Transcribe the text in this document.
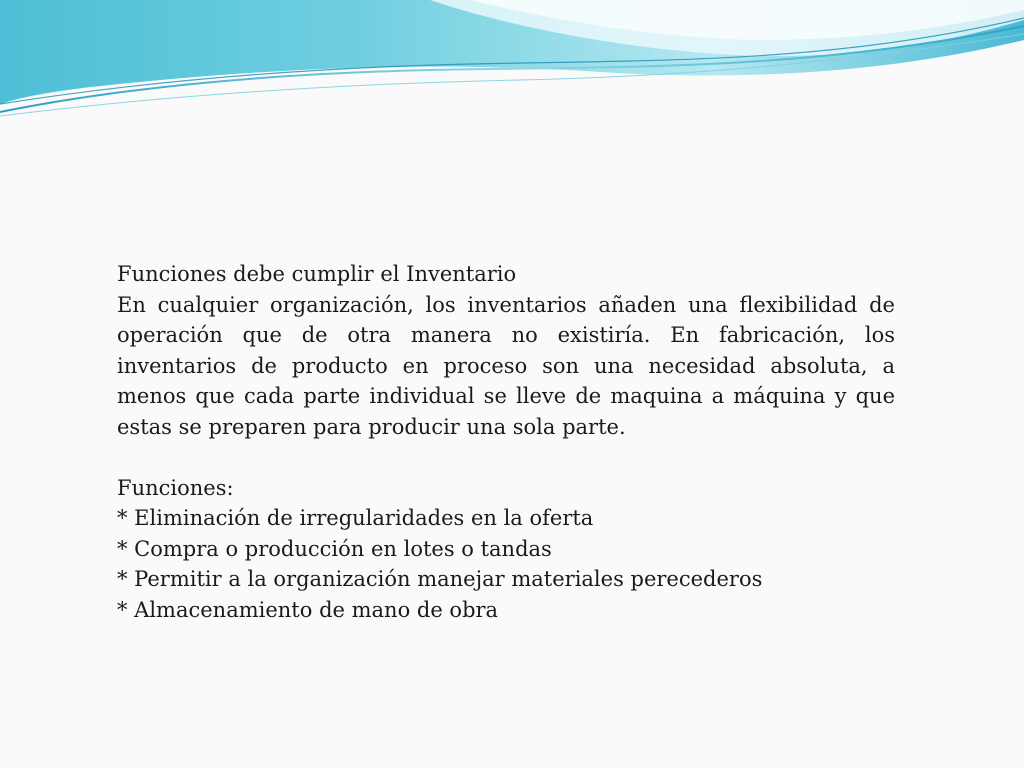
Funciones debe cumplir el Inventario

En cualquier organización, los inventarios añaden una flexibilidad de operación que de otra manera no existiría. En fabricación, los inventarios de producto en proceso son una necesidad absoluta, a menos que cada parte individual se lleve de maquina a máquina y que estas se preparen para producir una sola parte.

Funciones:

* Eliminación de irregularidades en la oferta
* Compra o producción en lotes o tandas
* Permitir a la organización manejar materiales perecederos
* Almacenamiento de mano de obra
